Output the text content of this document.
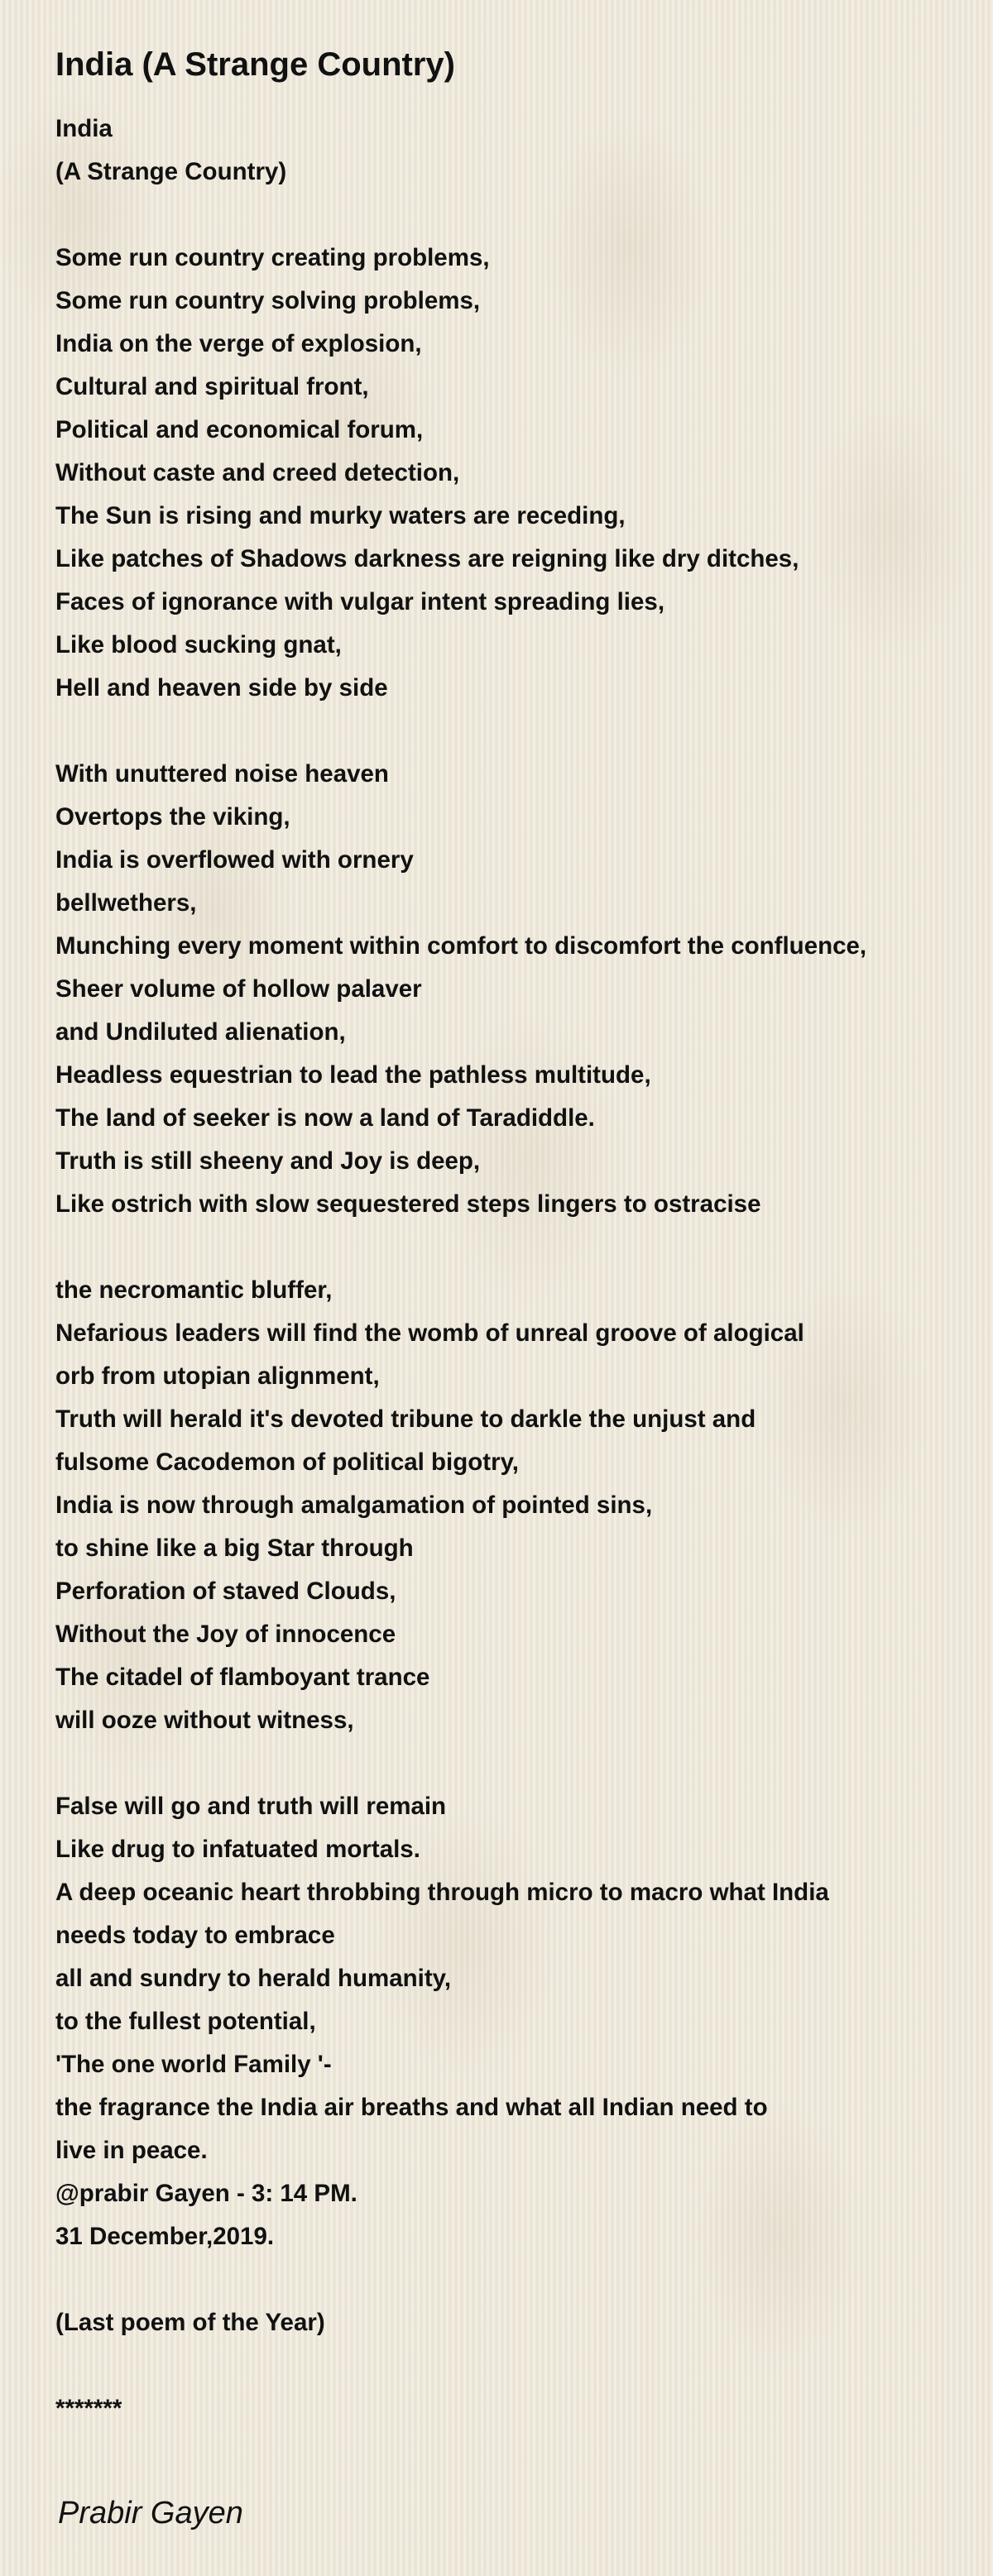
India (A Strange Country)
India
(A Strange Country)
Some run country creating problems,
Some run country solving problems,
India on the verge of explosion,
Cultural and spiritual front,
Political and economical forum,
Without caste and creed detection,
The Sun is rising and murky waters are receding,
Like patches of Shadows darkness are reigning like dry ditches,
Faces of ignorance with vulgar intent spreading lies,
Like blood sucking gnat,
Hell and heaven side by side
With unuttered noise heaven
Overtops the viking,
India is overflowed with ornery
bellwethers,
Munching every moment within comfort to discomfort the confluence,
Sheer volume of hollow palaver
and Undiluted alienation,
Headless equestrian to lead the pathless multitude,
The land of seeker is now a land of Taradiddle.
Truth is still sheeny and Joy is deep,
Like ostrich with slow sequestered steps lingers to ostracise
the necromantic bluffer,
Nefarious leaders will find the womb of unreal groove of alogical
orb from utopian alignment,
Truth will herald it's devoted tribune to darkle the unjust and
fulsome Cacodemon of political bigotry,
India is now through amalgamation of pointed sins,
to shine like a big Star through
Perforation of staved Clouds,
Without the Joy of innocence
The citadel of flamboyant trance
will ooze without witness,
False will go and truth will remain
Like drug to infatuated mortals.
A deep oceanic heart throbbing through micro to macro what India
needs today to embrace
all and sundry to herald humanity,
to the fullest potential,
'The one world Family '-
the fragrance the India air breaths and what all Indian need to
live in peace.
@prabir Gayen - 3: 14 PM.
31 December,2019.
(Last poem of the Year)
*******
Prabir Gayen
